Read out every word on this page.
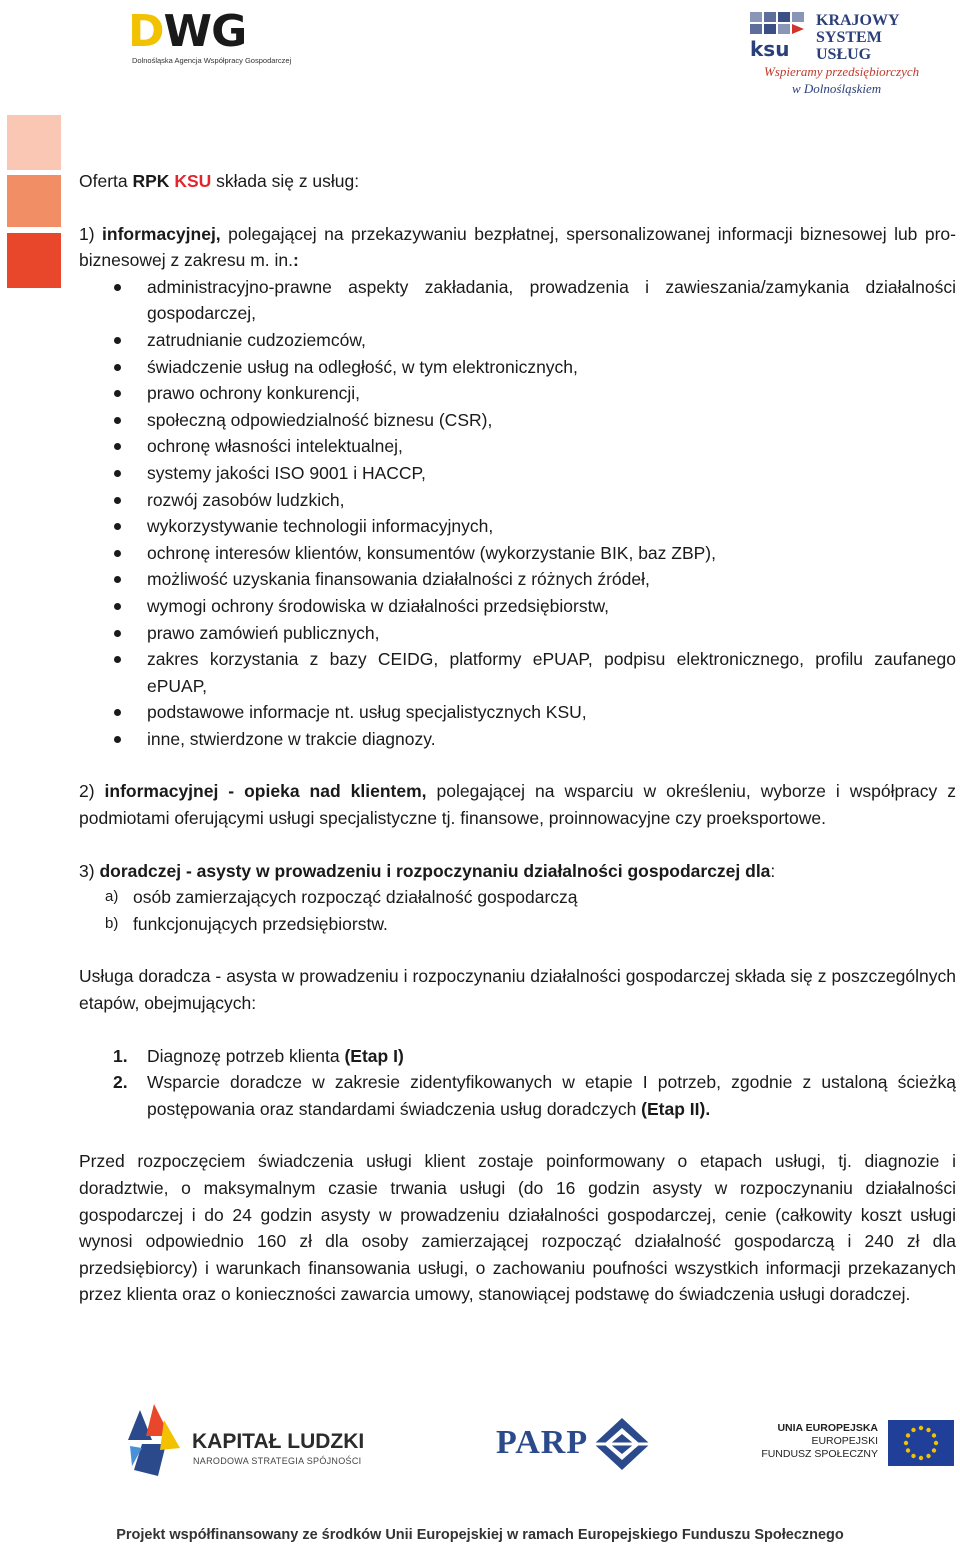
DWG
Dolnośląska Agencja Współpracy Gospodarczej	ksu
KRAJOWY
SYSTEM
USŁUG
Wspieramy przedsiębiorczych
w Dolnośląskiem

Oferta RPK KSU składa się z usług:

1) informacyjnej, polegającej na przekazywaniu bezpłatnej, spersonalizowanej informacji biznesowej lub pro-biznesowej z zakresu m. in.:

administracyjno-prawne aspekty zakładania, prowadzenia i zawieszania/zamykania działalności gospodarczej,
zatrudnianie cudzoziemców,
świadczenie usług na odległość, w tym elektronicznych,
prawo ochrony konkurencji,
społeczną odpowiedzialność biznesu (CSR),
ochronę własności intelektualnej,
systemy jakości ISO 9001 i HACCP,
rozwój zasobów ludzkich,
wykorzystywanie technologii informacyjnych,
ochronę interesów klientów, konsumentów (wykorzystanie BIK, baz ZBP),
możliwość uzyskania finansowania działalności z różnych źródeł,
wymogi ochrony środowiska w działalności przedsiębiorstw,
prawo zamówień publicznych,
zakres korzystania z bazy CEIDG, platformy ePUAP, podpisu elektronicznego, profilu zaufanego ePUAP,
podstawowe informacje nt. usług specjalistycznych KSU,
inne, stwierdzone w trakcie diagnozy.

2) informacyjnej - opieka nad klientem, polegającej na wsparciu w określeniu, wyborze i współpracy z podmiotami oferującymi usługi specjalistyczne tj. finansowe, proinnowacyjne czy proeksportowe.

3) doradczej - asysty w prowadzeniu i rozpoczynaniu działalności gospodarczej dla:

a) osób zamierzających rozpocząć działalność gospodarczą
b) funkcjonujących przedsiębiorstw.

Usługa doradcza - asysta w prowadzeniu i rozpoczynaniu działalności gospodarczej składa się z poszczególnych etapów, obejmujących:

1. Diagnozę potrzeb klienta (Etap I)
2. Wsparcie doradcze w zakresie zidentyfikowanych w etapie I potrzeb, zgodnie z ustaloną ścieżką postępowania oraz standardami świadczenia usług doradczych (Etap II).

Przed rozpoczęciem świadczenia usługi klient zostaje poinformowany o etapach usługi, tj. diagnozie i doradztwie, o maksymalnym czasie trwania usługi (do 16 godzin asysty w rozpoczynaniu działalności gospodarczej i do 24 godzin asysty w prowadzeniu działalności gospodarczej, cenie (całkowity koszt usługi wynosi odpowiednio 160 zł dla osoby zamierzającej rozpocząć działalność gospodarczą i 240 zł dla przedsiębiorcy) i warunkach finansowania usługi, o zachowaniu poufności wszystkich informacji przekazanych przez klienta oraz o konieczności zawarcia umowy, stanowiącej podstawę do świadczenia usługi doradczej.

KAPITAŁ LUDZKI
NARODOWA STRATEGIA SPÓJNOŚCI	PARP	UNIA EUROPEJSKA
EUROPEJSKI
FUNDUSZ SPOŁECZNY
Projekt współfinansowany ze środków Unii Europejskiej w ramach Europejskiego Funduszu Społecznego
